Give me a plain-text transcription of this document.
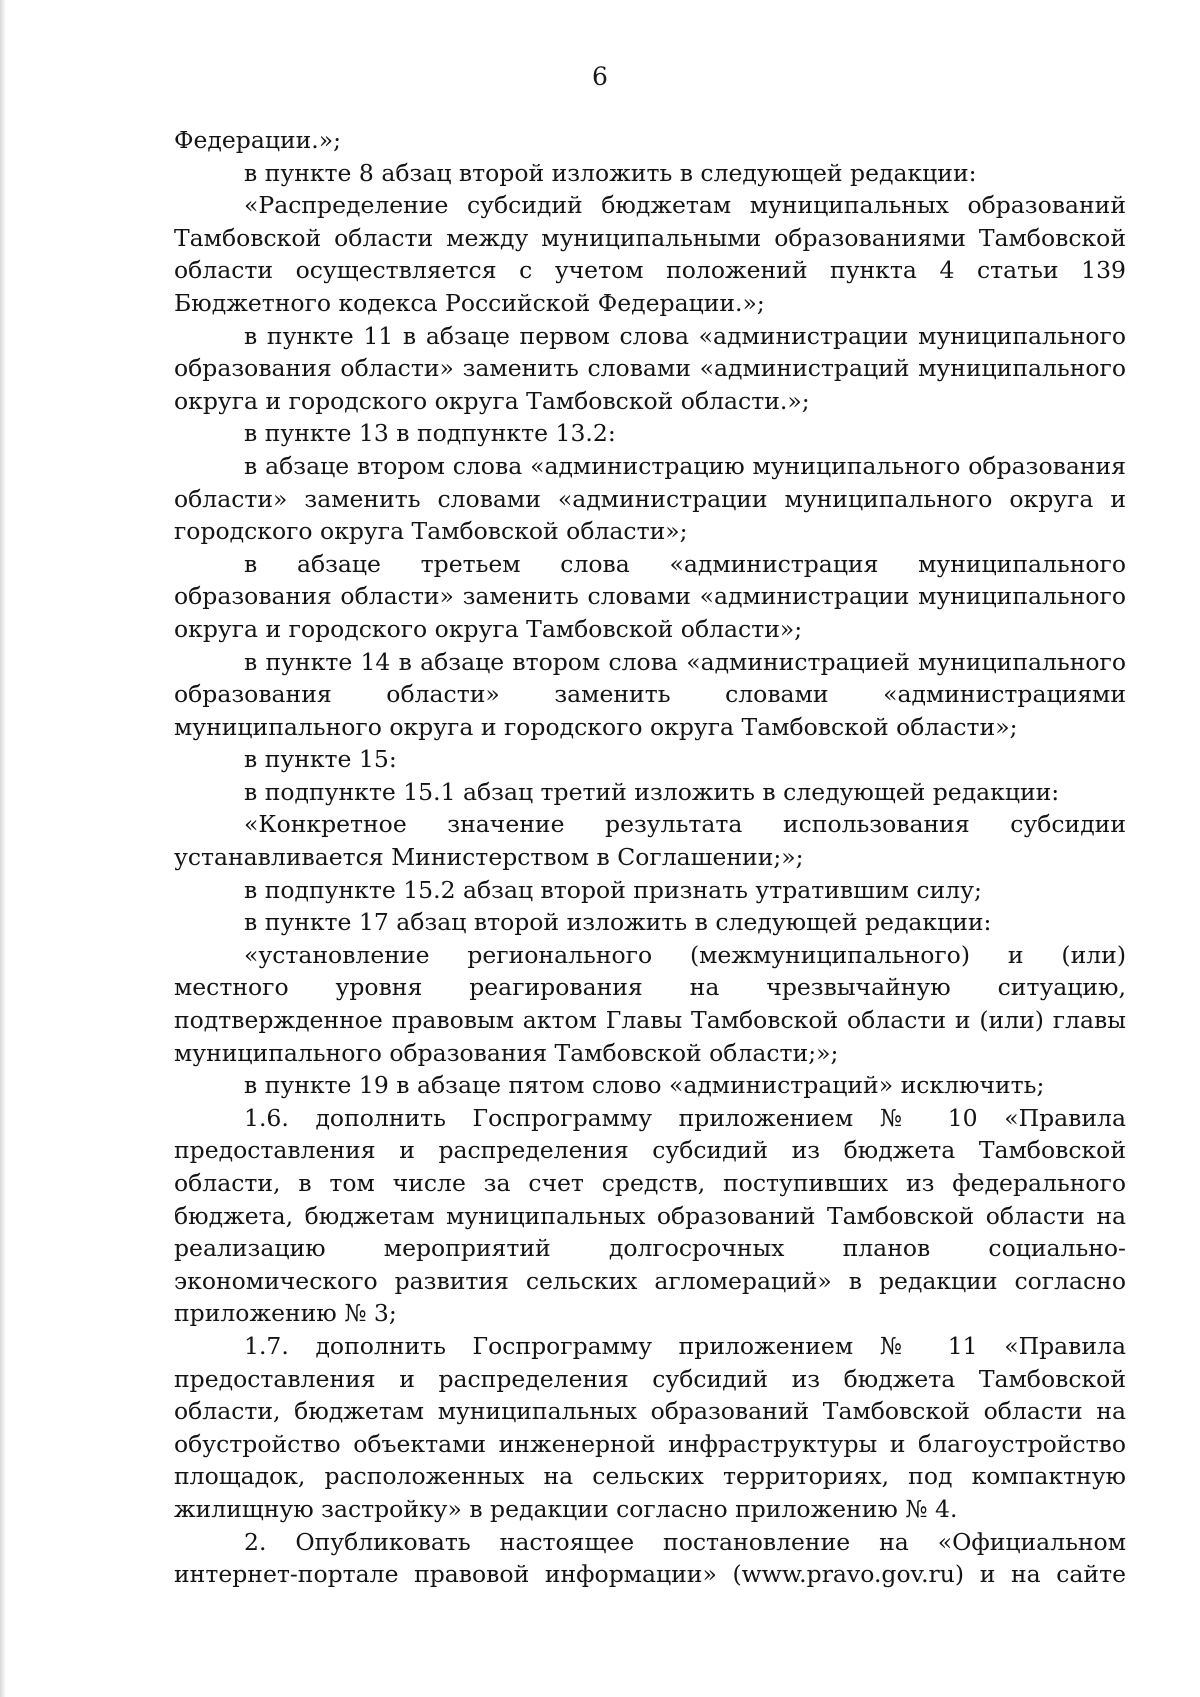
6

Федерации.»;

в пункте 8 абзац второй изложить в следующей редакции:

«Распределение субсидий бюджетам муниципальных образований Тамбовской области между муниципальными образованиями Тамбовской области осуществляется с учетом положений пункта 4 статьи 139 Бюджетного кодекса Российской Федерации.»;

в пункте 11 в абзаце первом слова «администрации муниципального образования области» заменить словами «администраций муниципального округа и городского округа Тамбовской области.»;

в пункте 13 в подпункте 13.2:

в абзаце втором слова «администрацию муниципального образования области» заменить словами «администрации муниципального округа и городского округа Тамбовской области»;

в абзаце третьем слова «администрация муниципального образования области» заменить словами «администрации муниципального округа и городского округа Тамбовской области»;

в пункте 14 в абзаце втором слова «администрацией муниципального образования области» заменить словами «администрациями муниципального округа и городского округа Тамбовской области»;

в пункте 15:

в подпункте 15.1 абзац третий изложить в следующей редакции:

«Конкретное значение результата использования субсидии устанавливается Министерством в Соглашении;»;

в подпункте 15.2 абзац второй признать утратившим силу;

в пункте 17 абзац второй изложить в следующей редакции:

«установление регионального (межмуниципального) и (или) местного уровня реагирования на чрезвычайную ситуацию, подтвержденное правовым актом Главы Тамбовской области и (или) главы муниципального образования Тамбовской области;»;

в пункте 19 в абзаце пятом слово «администраций» исключить;

1.6. дополнить Госпрограмму приложением № 10 «Правила предоставления и распределения субсидий из бюджета Тамбовской области, в том числе за счет средств, поступивших из федерального бюджета, бюджетам муниципальных образований Тамбовской области на реализацию мероприятий долгосрочных планов социально-экономического развития сельских агломераций» в редакции согласно приложению № 3;

1.7. дополнить Госпрограмму приложением № 11 «Правила предоставления и распределения субсидий из бюджета Тамбовской области, бюджетам муниципальных образований Тамбовской области на обустройство объектами инженерной инфраструктуры и благоустройство площадок, расположенных на сельских территориях, под компактную жилищную застройку» в редакции согласно приложению № 4.

2. Опубликовать настоящее постановление на «Официальном интернет-портале правовой информации» (www.pravo.gov.ru) и на сайте
